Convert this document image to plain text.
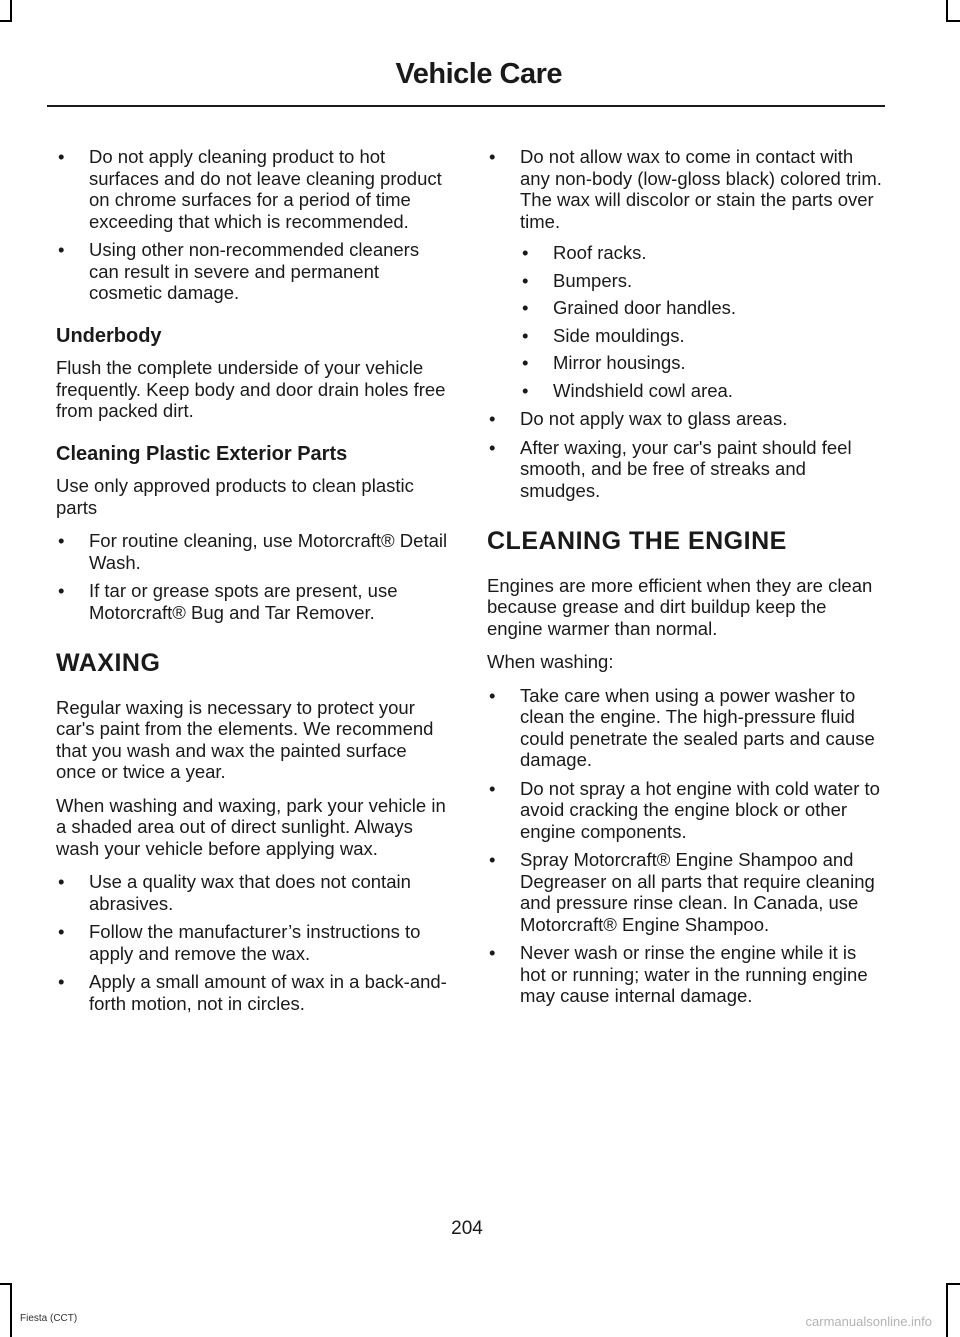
Vehicle Care
• Do not apply cleaning product to hot surfaces and do not leave cleaning product on chrome surfaces for a period of time exceeding that which is recommended.
• Using other non-recommended cleaners can result in severe and permanent cosmetic damage.
Underbody

Flush the complete underside of your vehicle frequently. Keep body and door drain holes free from packed dirt.

Cleaning Plastic Exterior Parts

Use only approved products to clean plastic parts

• For routine cleaning, use Motorcraft® Detail Wash.
• If tar or grease spots are present, use Motorcraft® Bug and Tar Remover.
WAXING

Regular waxing is necessary to protect your car's paint from the elements. We recommend that you wash and wax the painted surface once or twice a year.

When washing and waxing, park your vehicle in a shaded area out of direct sunlight. Always wash your vehicle before applying wax.

• Use a quality wax that does not contain abrasives.
• Follow the manufacturer’s instructions to apply and remove the wax.
• Apply a small amount of wax in a back-and-forth motion, not in circles.
• Do not allow wax to come in contact with any non-body (low-gloss black) colored trim. The wax will discolor or stain the parts over time.
• Roof racks.
• Bumpers.
• Grained door handles.
• Side mouldings.
• Mirror housings.
• Windshield cowl area.
• Do not apply wax to glass areas.
• After waxing, your car's paint should feel smooth, and be free of streaks and smudges.
CLEANING THE ENGINE

Engines are more efficient when they are clean because grease and dirt buildup keep the engine warmer than normal.

When washing:

• Take care when using a power washer to clean the engine. The high-pressure fluid could penetrate the sealed parts and cause damage.
• Do not spray a hot engine with cold water to avoid cracking the engine block or other engine components.
• Spray Motorcraft® Engine Shampoo and Degreaser on all parts that require cleaning and pressure rinse clean. In Canada, use Motorcraft® Engine Shampoo.
• Never wash or rinse the engine while it is hot or running; water in the running engine may cause internal damage.
204
Fiesta (CCT)	carmanualsonline.info
